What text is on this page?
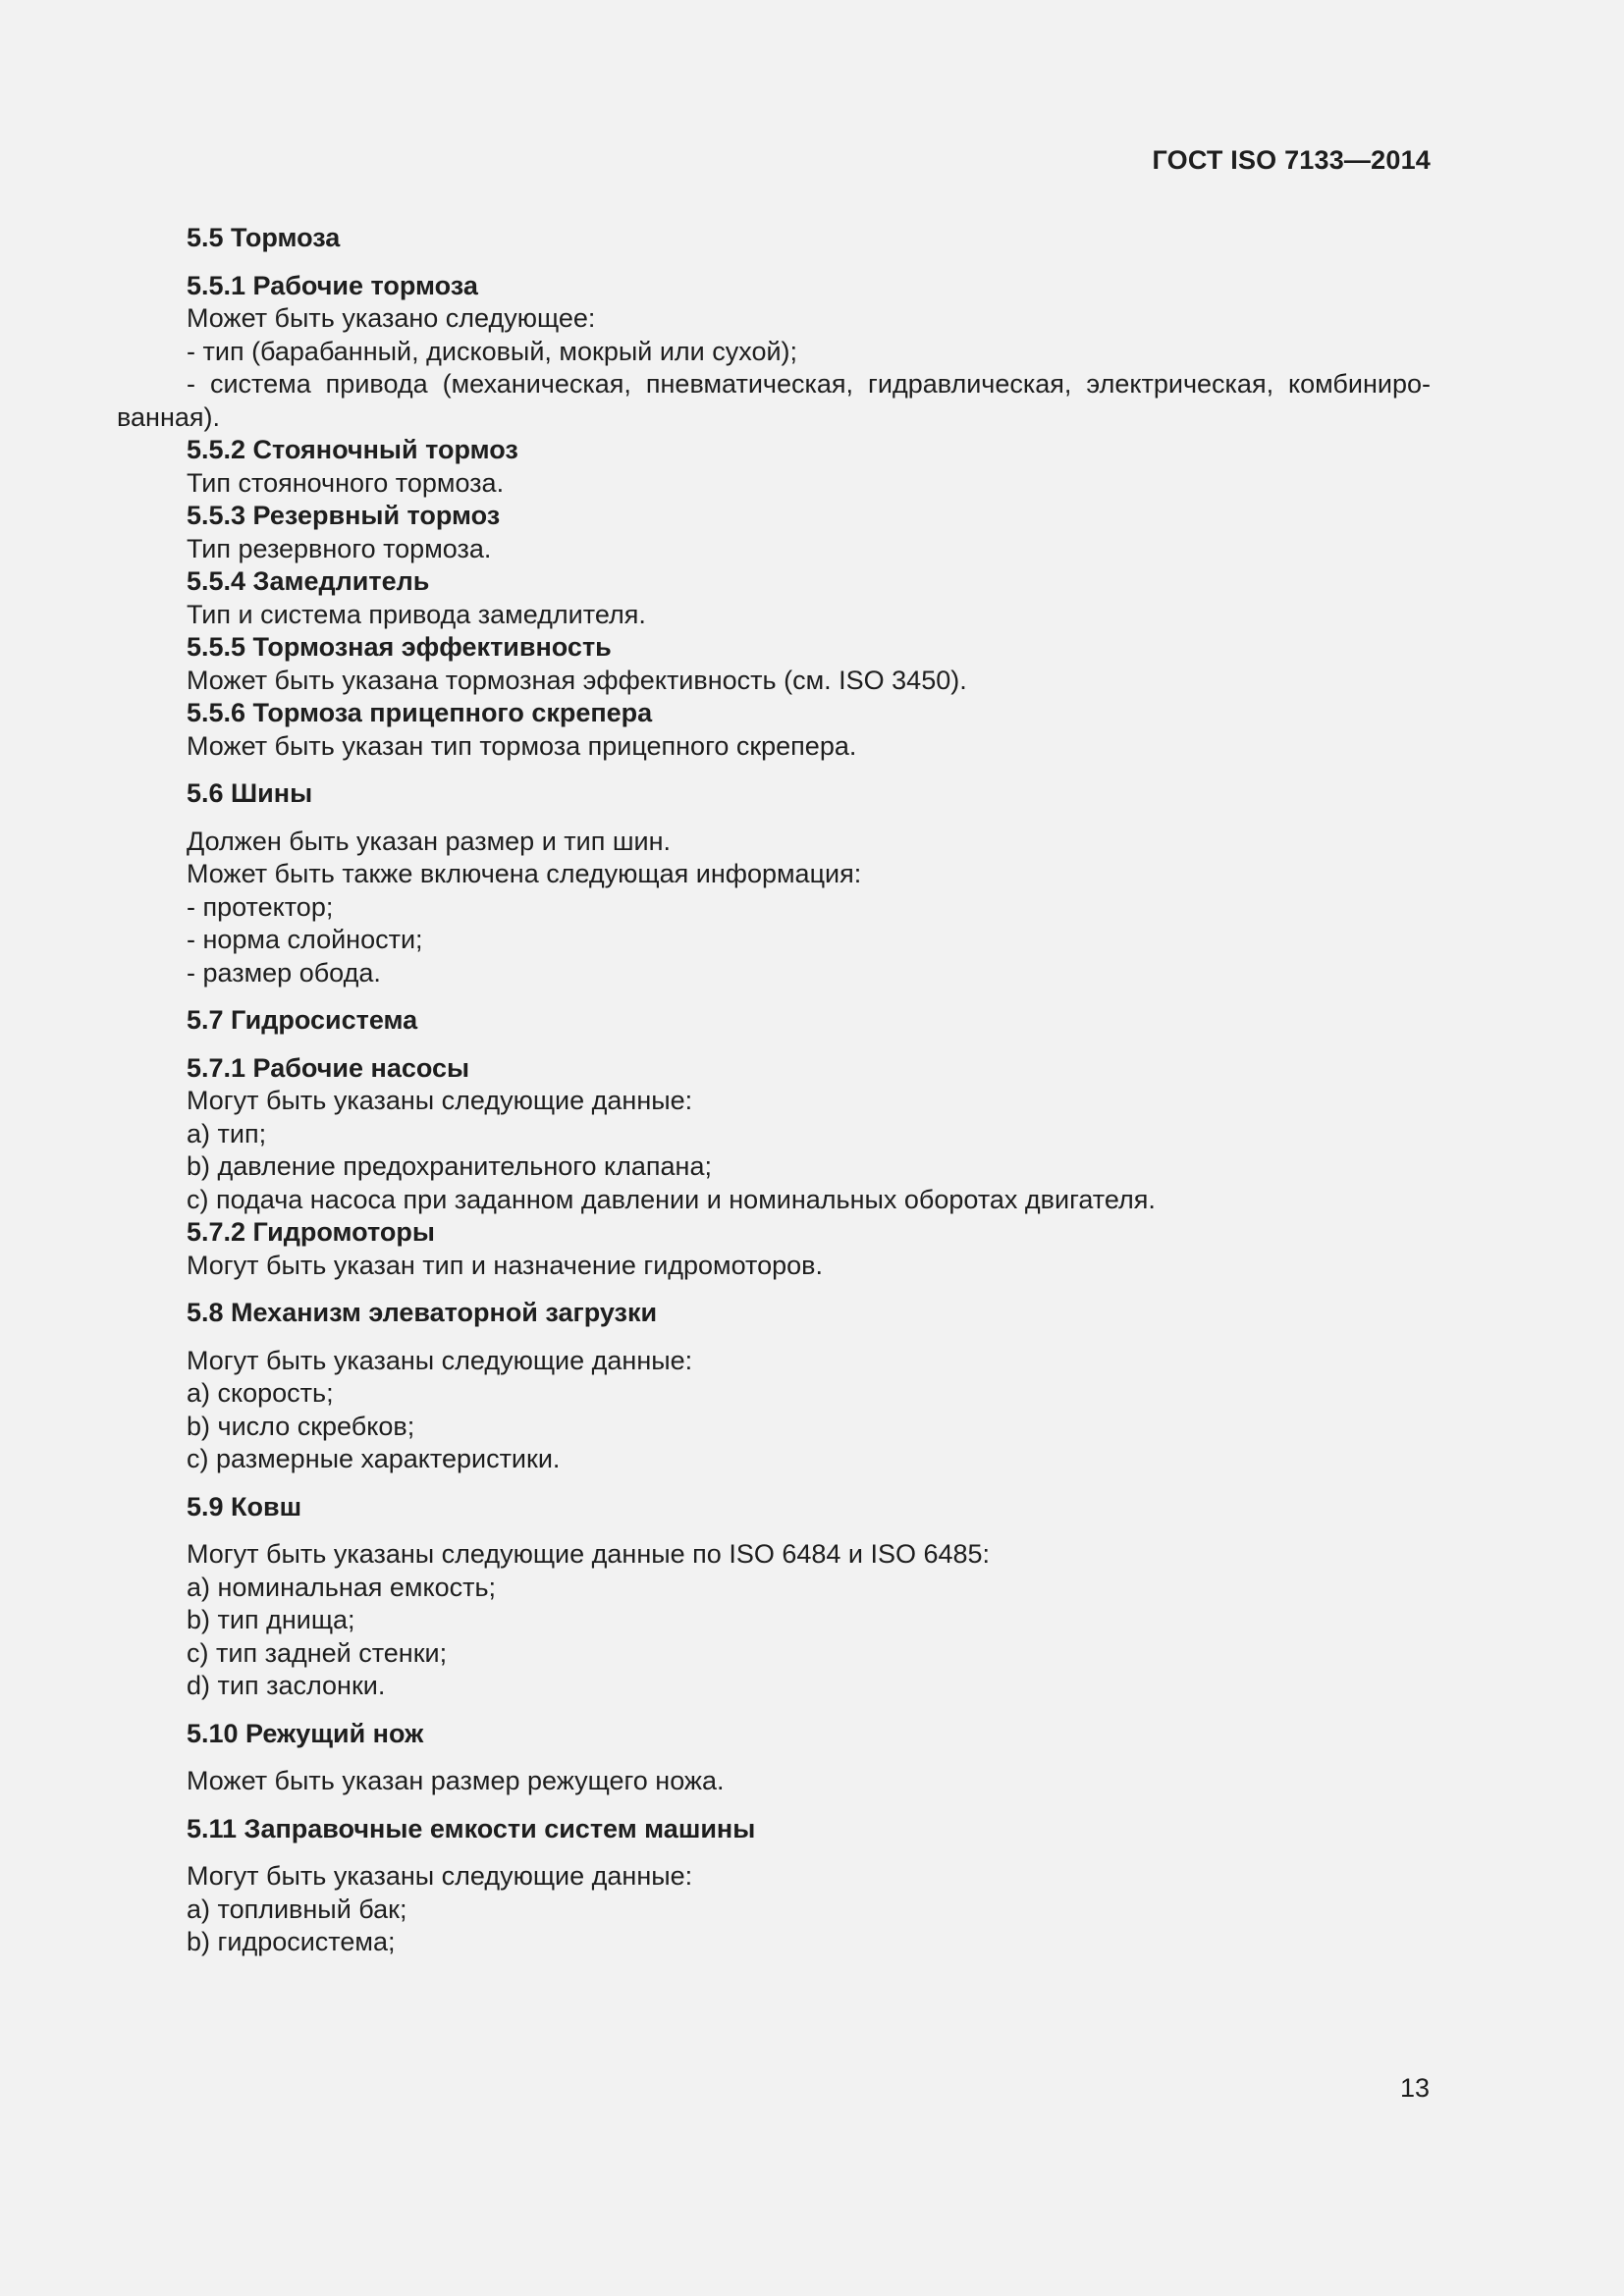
ГОСТ ISO 7133—2014
5.5 Тормоза
5.5.1 Рабочие тормоза
Может быть указано следующее:
- тип (барабанный, дисковый, мокрый или сухой);
- система привода (механическая, пневматическая, гидравлическая, электрическая, комбиниро-ванная).
5.5.2 Стояночный тормоз
Тип стояночного тормоза.
5.5.3 Резервный тормоз
Тип резервного тормоза.
5.5.4 Замедлитель
Тип и система привода замедлителя.
5.5.5 Тормозная эффективность
Может быть указана тормозная эффективность (см. ISO 3450).
5.5.6 Тормоза прицепного скрепера
Может быть указан тип тормоза прицепного скрепера.
5.6 Шины
Должен быть указан размер и тип шин.
Может быть также включена следующая информация:
- протектор;
- норма слойности;
- размер обода.
5.7 Гидросистема
5.7.1 Рабочие насосы
Могут быть указаны следующие данные:
а) тип;
b) давление предохранительного клапана;
c) подача насоса при заданном давлении и номинальных оборотах двигателя.
5.7.2 Гидромоторы
Могут быть указан тип и назначение гидромоторов.
5.8 Механизм элеваторной загрузки
Могут быть указаны следующие данные:
а) скорость;
b) число скребков;
c) размерные характеристики.
5.9 Ковш
Могут быть указаны следующие данные по ISO 6484 и ISO 6485:
а) номинальная емкость;
b) тип днища;
c) тип задней стенки;
d) тип заслонки.
5.10 Режущий нож
Может быть указан размер режущего ножа.
5.11 Заправочные емкости систем машины
Могут быть указаны следующие данные:
а) топливный бак;
b) гидросистема;
13
